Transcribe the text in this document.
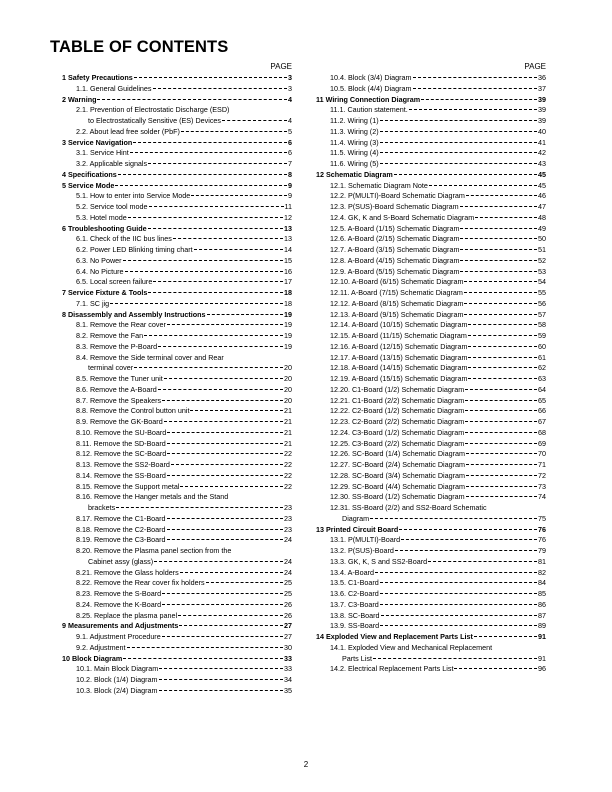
TABLE OF CONTENTS
PAGE
1 Safety Precautions	3
1.1. General Guidelines	3
2 Warning	4
2.1. Prevention of Electrostatic Discharge (ESD)
to Electrostatically Sensitive (ES) Devices	4
2.2. About lead free solder (PbF)	5
3 Service Navigation	6
3.1. Service Hint	6
3.2. Applicable signals	7
4 Specifications	8
5 Service Mode	9
5.1. How to enter into Service Mode	9
5.2. Service tool mode	11
5.3. Hotel mode	12
6 Troubleshooting Guide	13
6.1. Check of the IIC bus lines	13
6.2. Power LED Blinking timing chart	14
6.3. No Power	15
6.4. No Picture	16
6.5. Local screen failure	17
7 Service Fixture & Tools	18
7.1. SC jig	18
8 Disassembly and Assembly Instructions	19
8.1. Remove the Rear cover	19
8.2. Remove the Fan	19
8.3. Remove the P-Board	19
8.4. Remove the Side terminal cover and Rear
terminal cover	20
8.5. Remove the Tuner unit	20
8.6. Remove the A-Board	20
8.7. Remove the Speakers	20
8.8. Remove the Control button unit	21
8.9. Remove the GK-Board	21
8.10. Remove the SU-Board	21
8.11. Remove the SD-Board	21
8.12. Remove the SC-Board	22
8.13. Remove the SS2-Board	22
8.14. Remove the SS-Board	22
8.15. Remove the Support metal	22
8.16. Remove the Hanger metals and the Stand
brackets	23
8.17. Remove the C1-Board	23
8.18. Remove the C2-Board	23
8.19. Remove the C3-Board	24
8.20. Remove the Plasma panel section from the
Cabinet assy (glass)	24
8.21. Remove the Glass holders	24
8.22. Remove the Rear cover fix holders	25
8.23. Remove the S-Board	25
8.24. Remove the K-Board	26
8.25. Replace the plasma panel	26
9 Measurements and Adjustments	27
9.1. Adjustment Procedure	27
9.2. Adjustment	30
10 Block Diagram	33
10.1. Main Block Diagram	33
10.2. Block (1/4) Diagram	34
10.3. Block (2/4) Diagram	35
PAGE
10.4. Block (3/4) Diagram	36
10.5. Block (4/4) Diagram	37
11 Wiring Connection Diagram	39
11.1. Caution statement.	39
11.2. Wiring (1)	39
11.3. Wiring (2)	40
11.4. Wiring (3)	41
11.5. Wiring (4)	42
11.6. Wiring (5)	43
12 Schematic Diagram	45
12.1. Schematic Diagram Note	45
12.2. P(MULTI)-Board Schematic Diagram	46
12.3. P(SUS)-Board Schematic Diagram	47
12.4. GK, K and S-Board Schematic Diagram	48
12.5. A-Board (1/15) Schematic Diagram	49
12.6. A-Board (2/15) Schematic Diagram	50
12.7. A-Board (3/15) Schematic Diagram	51
12.8. A-Board (4/15) Schematic Diagram	52
12.9. A-Board (5/15) Schematic Diagram	53
12.10. A-Board (6/15) Schematic Diagram	54
12.11. A-Board (7/15) Schematic Diagram	55
12.12. A-Board (8/15) Schematic Diagram	56
12.13. A-Board (9/15) Schematic Diagram	57
12.14. A-Board (10/15) Schematic Diagram	58
12.15. A-Board (11/15) Schematic Diagram	59
12.16. A-Board (12/15) Schematic Diagram	60
12.17. A-Board (13/15) Schematic Diagram	61
12.18. A-Board (14/15) Schematic Diagram	62
12.19. A-Board (15/15) Schematic Diagram	63
12.20. C1-Board (1/2) Schematic Diagram	64
12.21. C1-Board (2/2) Schematic Diagram	65
12.22. C2-Board (1/2) Schematic Diagram	66
12.23. C2-Board (2/2) Schematic Diagram	67
12.24. C3-Board (1/2) Schematic Diagram	68
12.25. C3-Board (2/2) Schematic Diagram	69
12.26. SC-Board (1/4) Schematic Diagram	70
12.27. SC-Board (2/4) Schematic Diagram	71
12.28. SC-Board (3/4) Schematic Diagram	72
12.29. SC-Board (4/4) Schematic Diagram	73
12.30. SS-Board (1/2) Schematic Diagram	74
12.31. SS-Board (2/2) and SS2-Board Schematic
Diagram	75
13 Printed Circuit Board	76
13.1. P(MULTI)-Board	76
13.2. P(SUS)-Board	79
13.3. GK, K, S and SS2-Board	81
13.4. A-Board	82
13.5. C1-Board	84
13.6. C2-Board	85
13.7. C3-Board	86
13.8. SC-Board	87
13.9. SS-Board	89
14 Exploded View and Replacement Parts List	91
14.1. Exploded View and Mechanical Replacement
Parts List	91
14.2. Electrical Replacement Parts List	96
2
